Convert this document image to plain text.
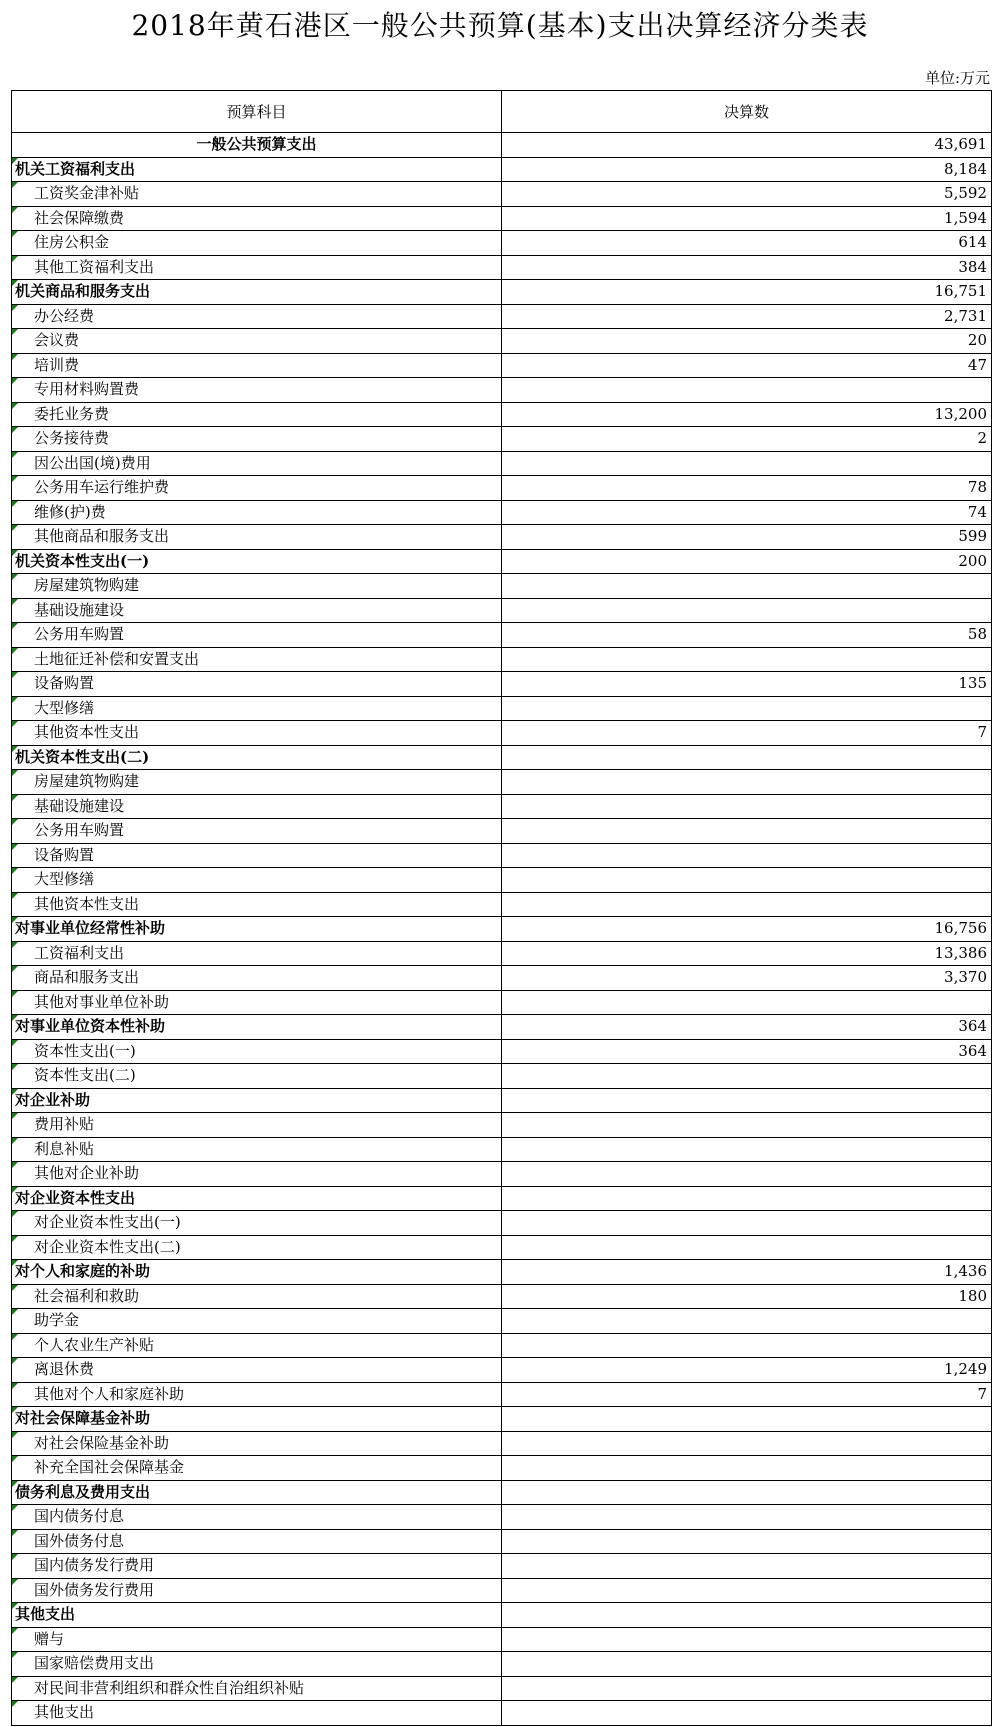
2018年黄石港区一般公共预算(基本)支出决算经济分类表
单位:万元
预算科目	决算数
一般公共预算支出	43,691

机关工资福利支出	8,184

工资奖金津补贴	5,592

社会保障缴费	1,594

住房公积金	614

其他工资福利支出	384

机关商品和服务支出	16,751

办公经费	2,731

会议费	20

培训费	47

专用材料购置费	

委托业务费	13,200

公务接待费	2

因公出国(境)费用	

公务用车运行维护费	78

维修(护)费	74

其他商品和服务支出	599

机关资本性支出(一)	200

房屋建筑物购建	

基础设施建设	

公务用车购置	58

土地征迁补偿和安置支出	

设备购置	135

大型修缮	

其他资本性支出	7

机关资本性支出(二)	

房屋建筑物购建	

基础设施建设	

公务用车购置	

设备购置	

大型修缮	

其他资本性支出	

对事业单位经常性补助	16,756

工资福利支出	13,386

商品和服务支出	3,370

其他对事业单位补助	

对事业单位资本性补助	364

资本性支出(一)	364

资本性支出(二)	

对企业补助	

费用补贴	

利息补贴	

其他对企业补助	

对企业资本性支出	

对企业资本性支出(一)	

对企业资本性支出(二)	

对个人和家庭的补助	1,436

社会福利和救助	180

助学金	

个人农业生产补贴	

离退休费	1,249

其他对个人和家庭补助	7

对社会保障基金补助	

对社会保险基金补助	

补充全国社会保障基金	

债务利息及费用支出	

国内债务付息	

国外债务付息	

国内债务发行费用	

国外债务发行费用	

其他支出	

赠与	

国家赔偿费用支出	

对民间非营利组织和群众性自治组织补贴	

其他支出	
